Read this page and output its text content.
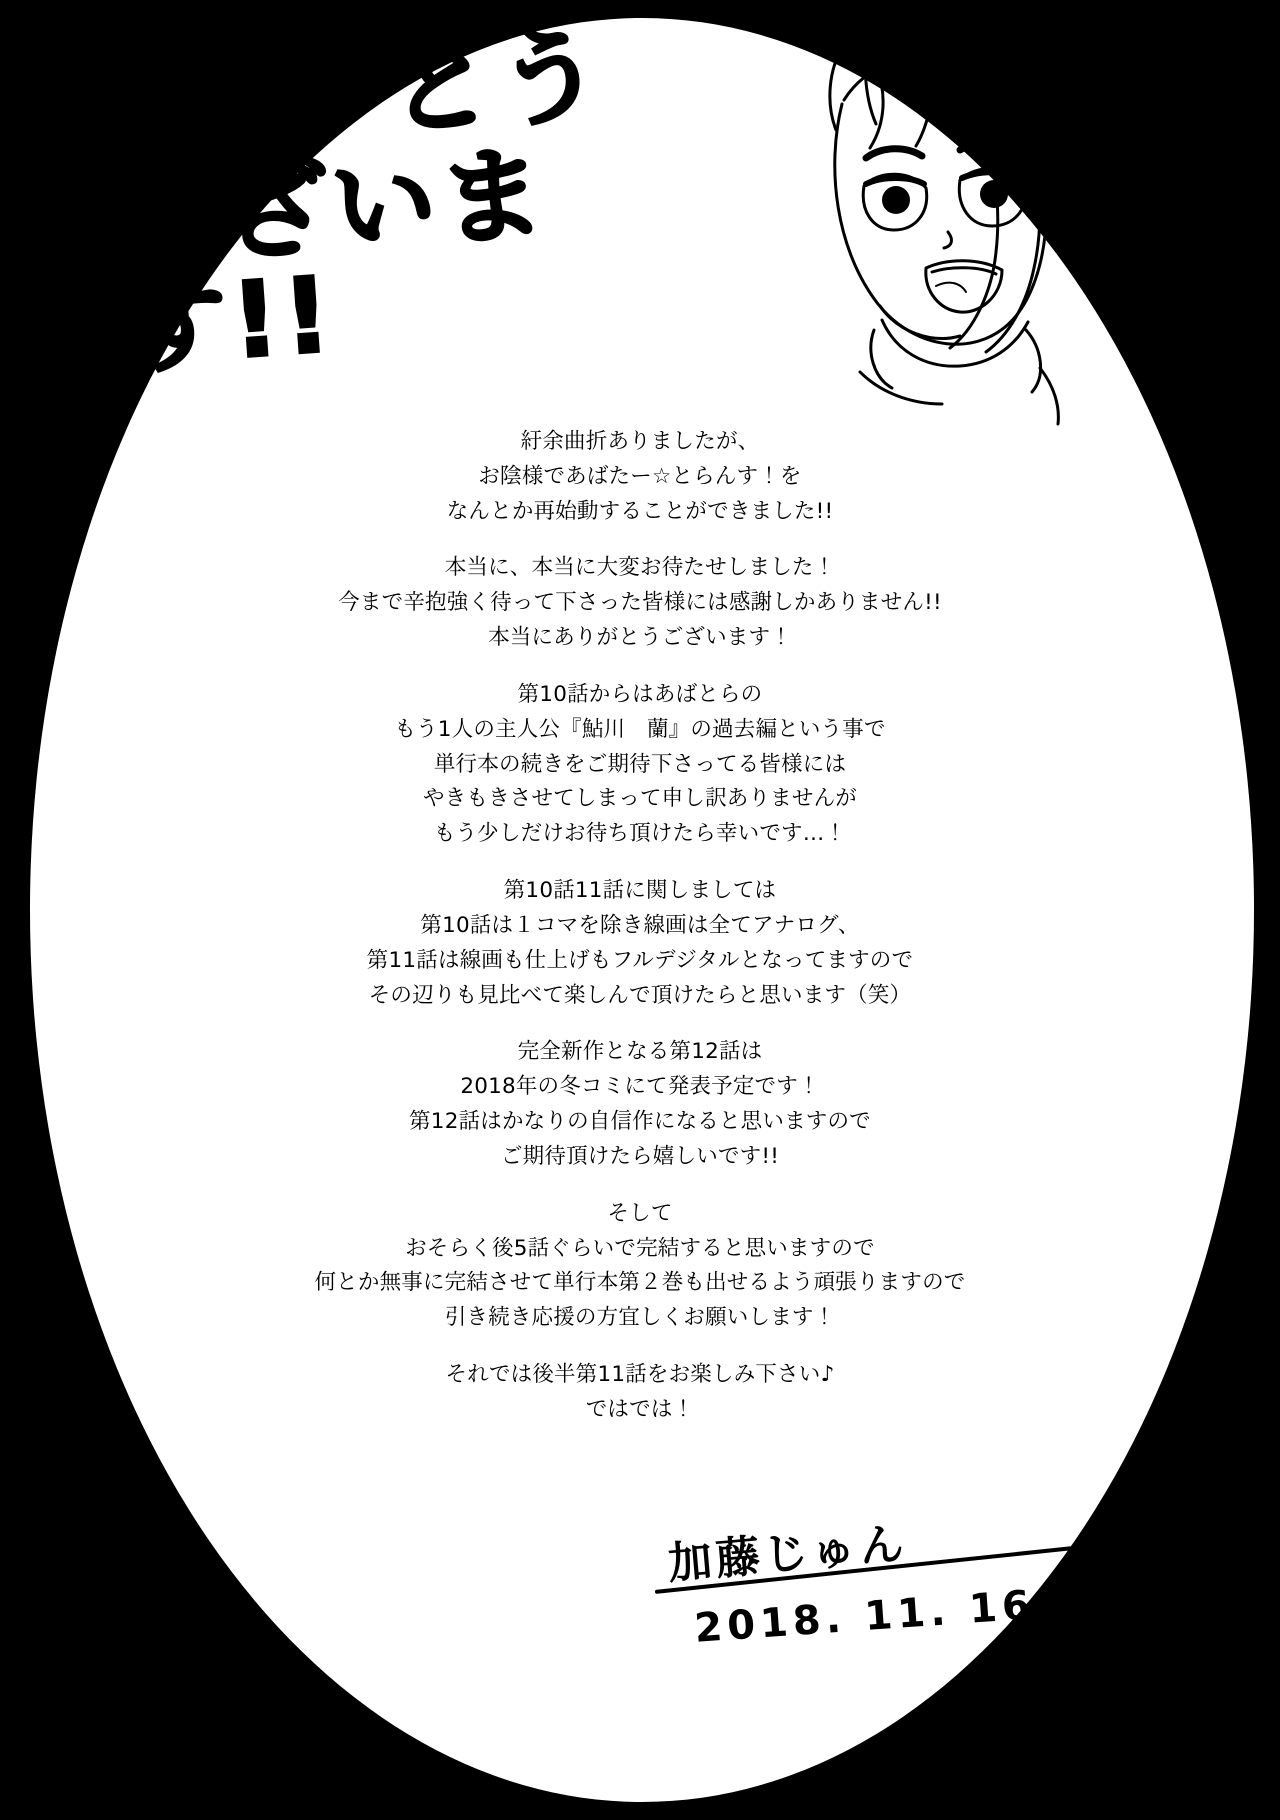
ありがとう
ございます!!
紆余曲折ありましたが、
お陰様であばたー☆とらんす！を
なんとか再始動することができました!!
本当に、本当に大変お待たせしました！
今まで辛抱強く待って下さった皆様には感謝しかありません!!
本当にありがとうございます！
第10話からはあばとらの
もう1人の主人公『鮎川　蘭』の過去編という事で
単行本の続きをご期待下さってる皆様には
やきもきさせてしまって申し訳ありませんが
もう少しだけお待ち頂けたら幸いです…！
第10話11話に関しましては
第10話は１コマを除き線画は全てアナログ、
第11話は線画も仕上げもフルデジタルとなってますので
その辺りも見比べて楽しんで頂けたらと思います（笑）
完全新作となる第12話は
2018年の冬コミにて発表予定です！
第12話はかなりの自信作になると思いますので
ご期待頂けたら嬉しいです!!
そして
おそらく後5話ぐらいで完結すると思いますので
何とか無事に完結させて単行本第２巻も出せるよう頑張りますので
引き続き応援の方宜しくお願いします！
それでは後半第11話をお楽しみ下さい♪
ではでは！
加藤じゅん
2018. 11. 16
